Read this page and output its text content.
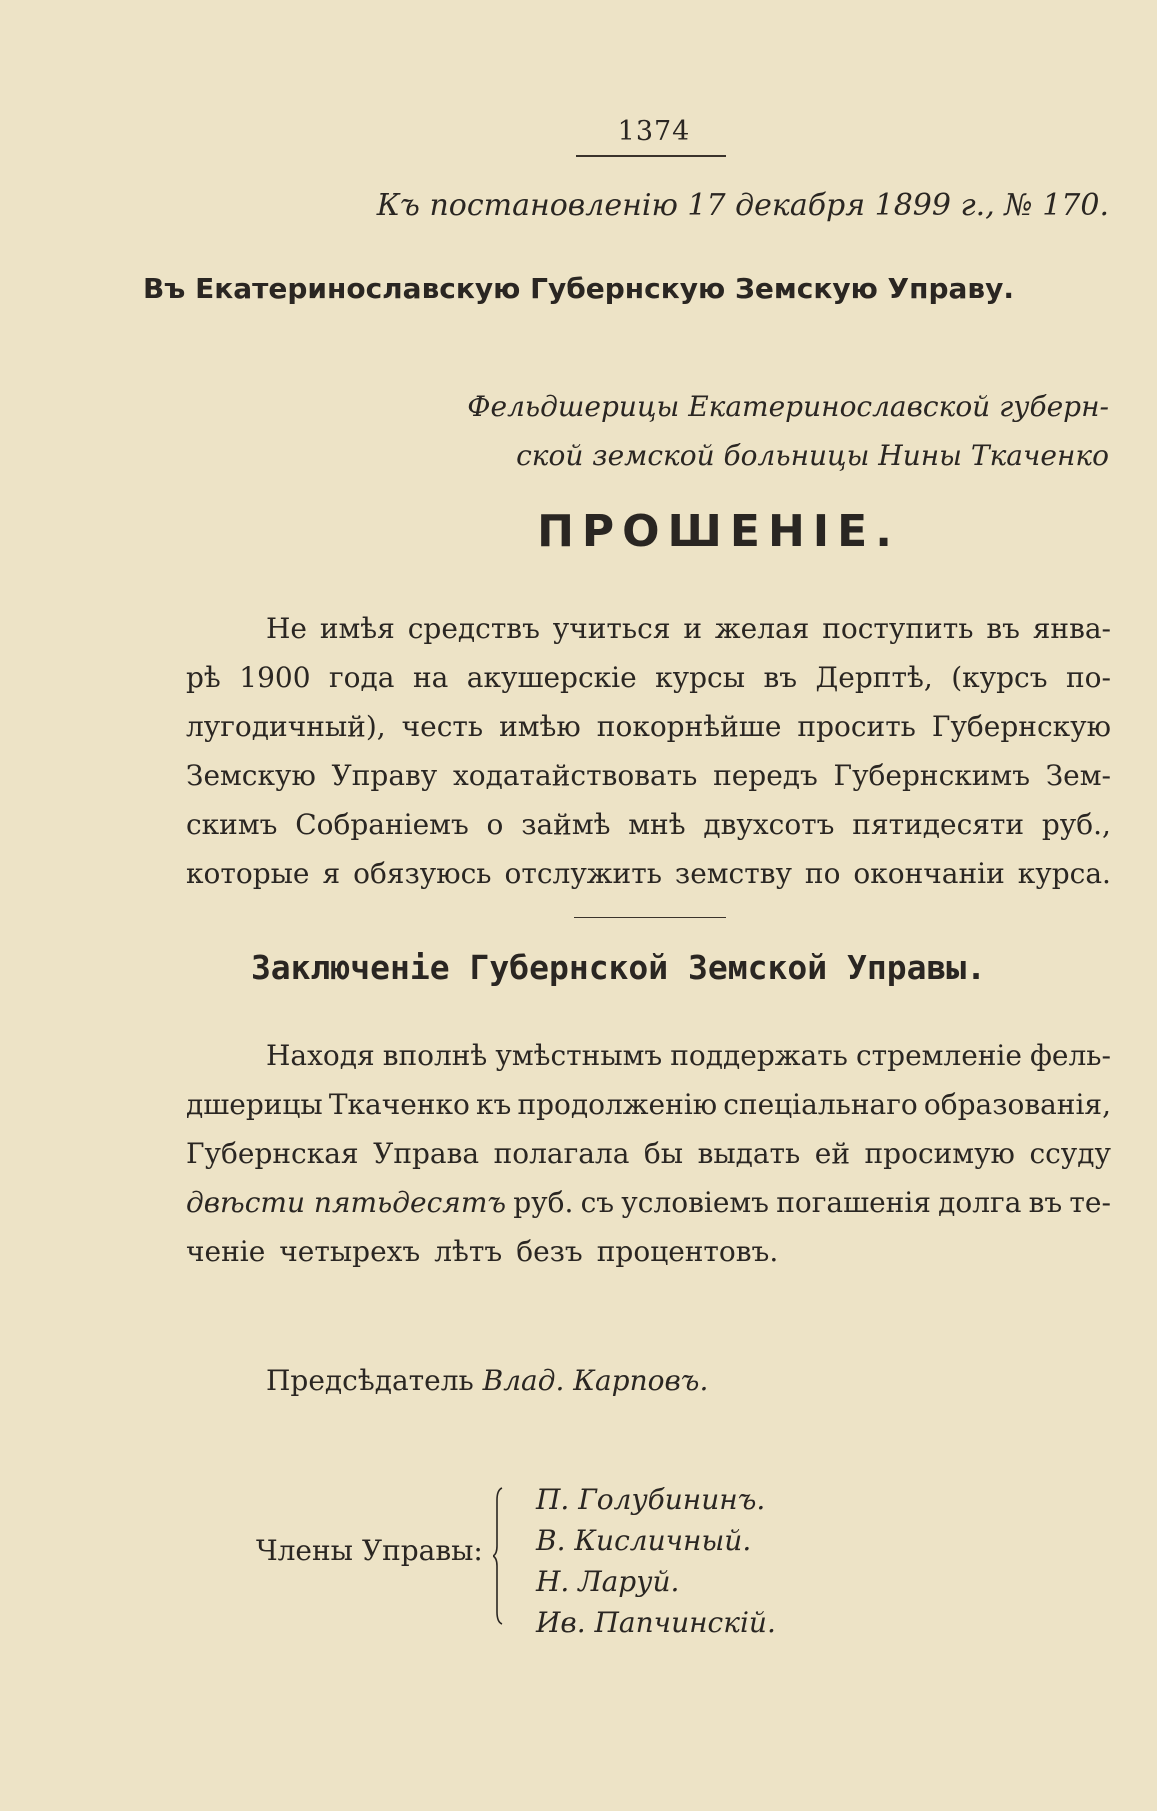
1374
Къ постановленію 17 декабря 1899 г., № 170.
Въ Екатеринославскую Губернскую Земскую Управу.
Фельдшерицы Екатеринославской губерн-
ской земской больницы Нины Ткаченко
ПРОШЕНІЕ.
Не имѣя средствъ учиться и желая поступить въ янва-
рѣ 1900 года на акушерскіе курсы въ Дерптѣ, (курсъ по-
лугодичный), честь имѣю покорнѣйше просить Губернскую
Земскую Управу ходатайствовать передъ Губернскимъ Зем-
скимъ Собраніемъ о займѣ мнѣ двухсотъ пятидесяти руб.,
которые я обязуюсь отслужить земству по окончаніи курса.
Заключеніе Губернской Земской Управы.
Находя вполнѣ умѣстнымъ поддержать стремленіе фель-
дшерицы Ткаченко къ продолженію спеціальнаго образованія,
Губернская Управа полагала бы выдать ей просимую ссуду
двѣсти пятьдесятъ руб. съ условіемъ погашенія долга въ те-
ченіе четырехъ лѣтъ безъ процентовъ.
Предсѣдатель Влад. Карповъ.
Члены Управы:
П. Голубининъ.
В. Кисличный.
Н. Ларуй.
Ив. Папчинскій.
